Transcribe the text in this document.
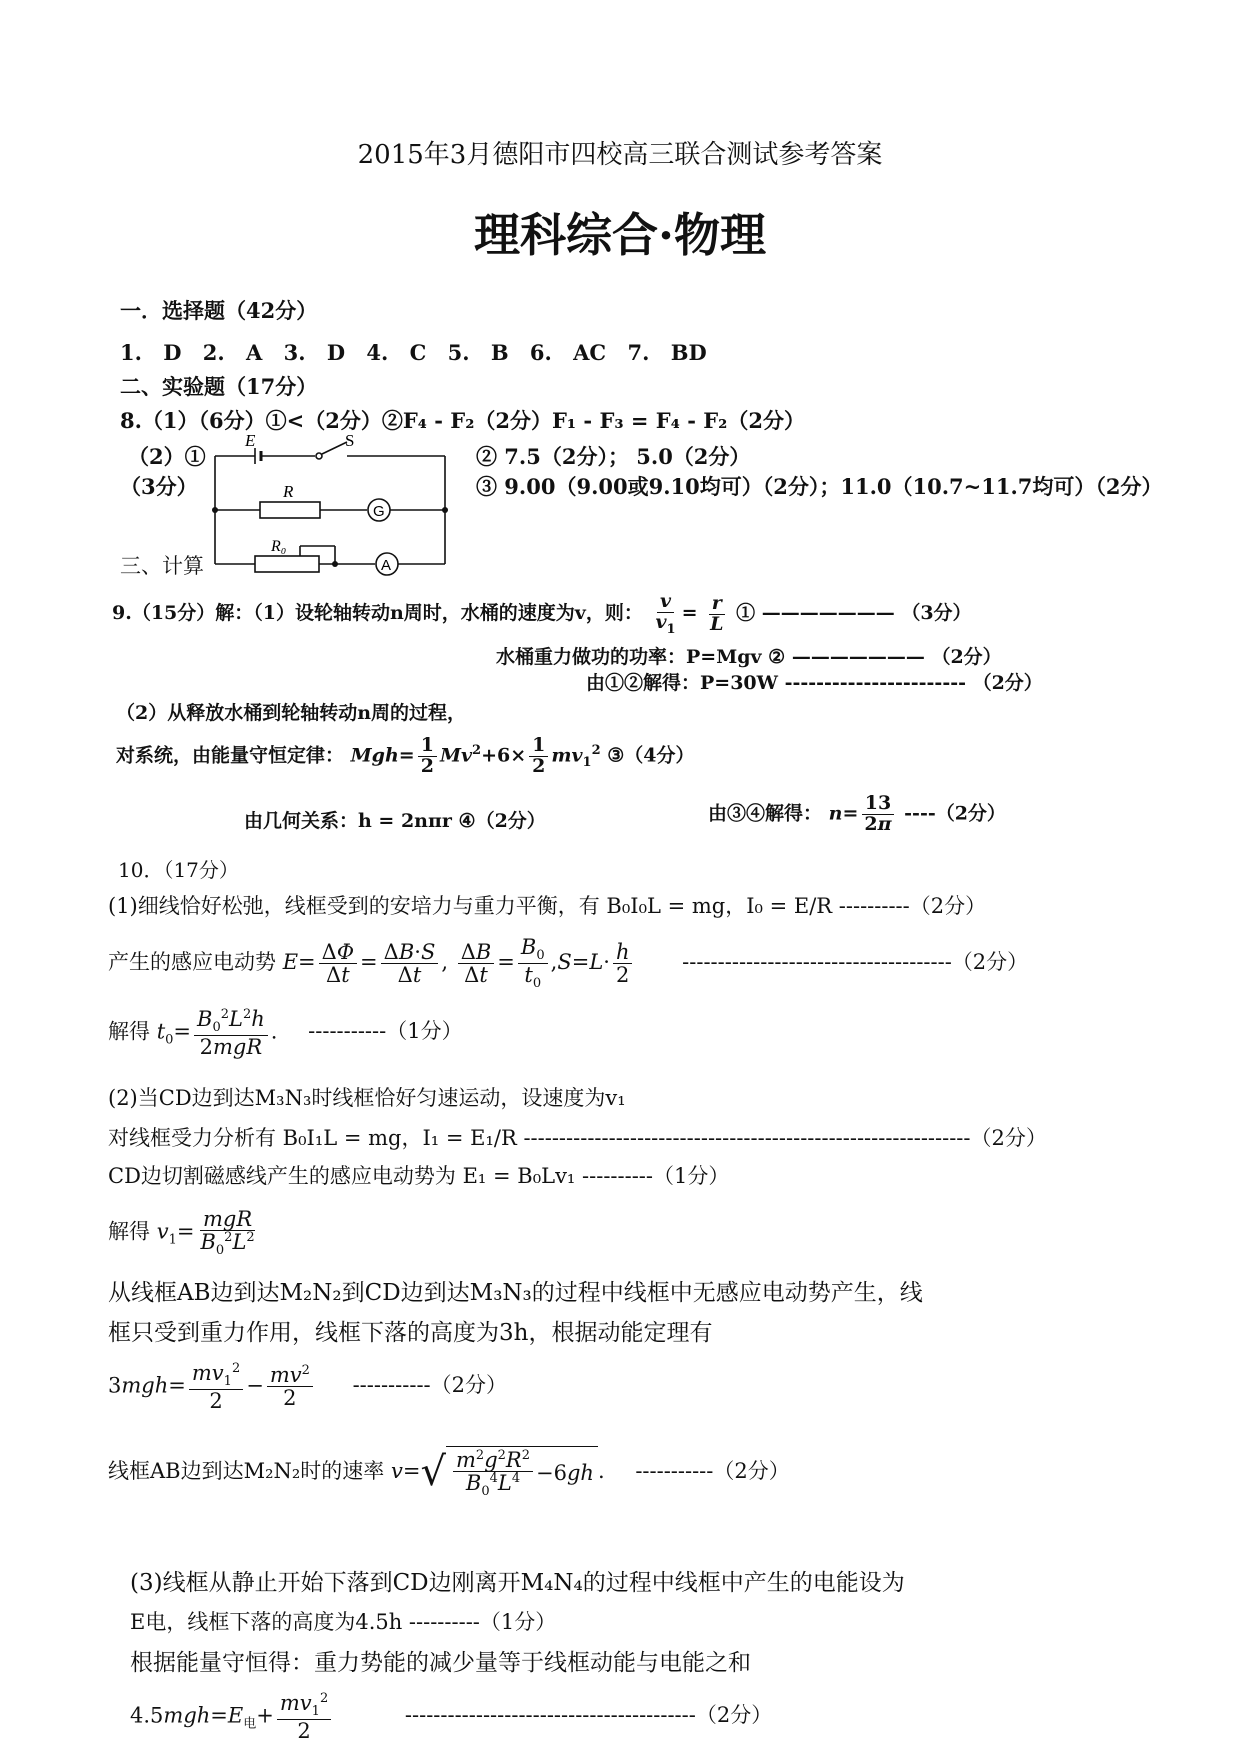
2015年3月德阳市四校高三联合测试参考答案
理科综合·物理
一．选择题（42分）
1. D 2. A 3. D 4. C 5. B 6. AC 7. BD
二、实验题（17分）
8.（1）（6分）①<（2分）②F₄ - F₂（2分）F₁ - F₃ = F₄ - F₂（2分）
（2）①
（3分）
② 7.5（2分）； 5.0（2分）
③ 9.00（9.00或9.10均可）（2分）；11.0（10.7~11.7均可）（2分）
E	S
R
G
R₀
A
三、计算
9.（15分）解：（1）设轮轴转动n周时，水桶的速度为v，则： $\frac{v}{v_1} = \frac{r}{L}$ ① ——————— （3分）
水桶重力做功的功率：P=Mgv ② ——————— （2分）
由①②解得：P=30W ----------------------- （2分）
（2）从释放水桶到轮轴转动n周的过程，
对系统，由能量守恒定律： $Mgh= \frac{1}{2} Mv^2+6\times \frac{1}{2} mv_1^2$ ③（4分）
由几何关系：h = 2nπr ④（2分）	由③④解得： $n= \frac{13}{2\pi} ----(2$分）
10．（17分）
(1)细线恰好松弛，线框受到的安培力与重力平衡，有 B₀I₀L = mg，I₀ = E/R ----------（2分）
产生的感应电动势 $E= \frac{\Delta\Phi}{\Delta t} = \frac{\Delta B\cdot S}{\Delta t}$ , $\frac{\Delta B}{\Delta t} = \frac{B_0}{t_0} ,S=L\cdot \frac{h}{2} --------------------------------------(2$分）
解得 $t_0= \frac{B_0^2L^2h}{\text{2mgR}}$ . -----------（1分）
(2)当CD边到达M₃N₃时线框恰好匀速运动，设速度为v₁
对线框受力分析有 B₀I₁L = mg，I₁ = E₁/R ---------------------------------------------------------------（2分）
CD边切割磁感线产生的感应电动势为 E₁ = B₀Lv₁ ----------（1分）
解得 $v_1= \frac{\text{mgR}}{B_0^2L^2}$
从线框AB边到达M₂N₂到CD边到达M₃N₃的过程中线框中无感应电动势产生，线
框只受到重力作用，线框下落的高度为3h，根据动能定理有
$3mgh= \frac{mv_1^2}{2} - \frac{mv^2}{2} -----------(2$分）
线框AB边到达M₂N₂时的速率 v= √ $\frac{m^2g^2R^2}{B_0^4L^4} -6$ gh . -----------（2分）
(3)线框从静止开始下落到CD边刚离开M₄N₄的过程中线框中产生的电能设为
E电，线框下落的高度为4.5h ----------（1分）
根据能量守恒得：重力势能的减少量等于线框动能与电能之和
$4.5mgh=E_电+ \frac{mv_1^2}{2}$	-----------------------------------------（2分）
